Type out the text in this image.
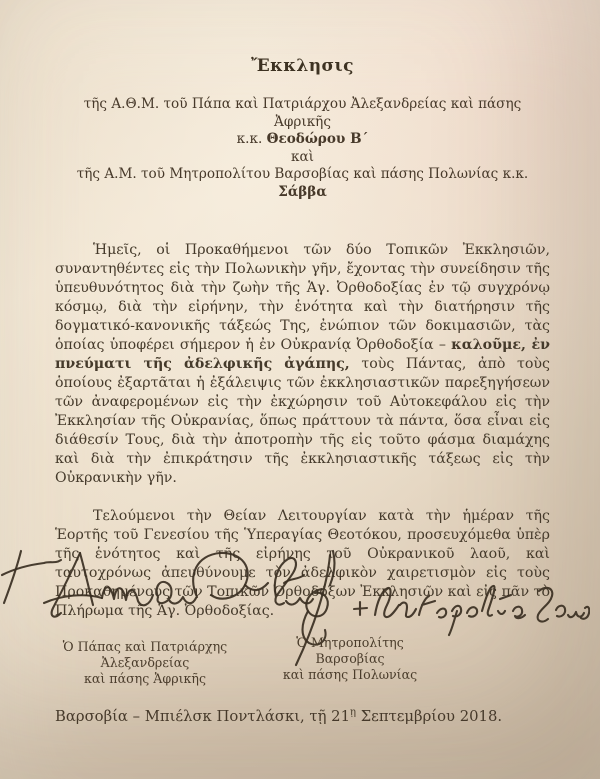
Ἔκκλησις
τῆς Α.Θ.Μ. τοῦ Πάπα καὶ Πατριάρχου Ἀλεξανδρείας καὶ πάσης Ἀφρικῆς
κ.κ. Θεοδώρου Β΄
καὶ
τῆς Α.Μ. τοῦ Μητροπολίτου Βαρσοβίας καὶ πάσης Πολωνίας κ.κ. Σάββα

Ἡμεῖς, οἱ Προκαθήμενοι τῶν δύο Τοπικῶν Ἐκκλησιῶν, συναντηθέντες εἰς τὴν Πολωνικὴν γῆν, ἔχοντας τὴν συνείδησιν τῆς ὑπευθυνότητος διὰ τὴν ζωὴν τῆς Ἁγ. Ὀρθοδοξίας ἐν τῷ συγχρόνῳ κόσμῳ, διὰ τὴν εἰρήνην, τὴν ἑνότητα καὶ τὴν διατήρησιν τῆς δογματικό-κανονικῆς τάξεώς Της, ἐνώπιον τῶν δοκιμασιῶν, τὰς ὁποίας ὑποφέρει σήμερον ἡ ἐν Οὐκρανίᾳ Ὀρθοδοξία – καλοῦμε, ἐν πνεύματι τῆς ἀδελφικῆς ἀγάπης, τοὺς Πάντας, ἀπὸ τοὺς ὁποίους ἐξαρτᾶται ἡ ἐξάλειψις τῶν ἐκκλησιαστικῶν παρεξηγήσεων τῶν ἀναφερομένων εἰς τὴν ἐκχώρησιν τοῦ Αὐτοκεφάλου εἰς τὴν Ἐκκλησίαν τῆς Οὐκρανίας, ὅπως πράττουν τὰ πάντα, ὅσα εἶναι εἰς διάθεσίν Τους, διὰ τὴν ἀποτροπὴν τῆς εἰς τοῦτο φάσμα διαμάχης καὶ διὰ τὴν ἐπικράτησιν τῆς ἐκκλησιαστικῆς τάξεως εἰς τὴν Οὐκρανικὴν γῆν.

Τελούμενοι τὴν Θείαν Λειτουργίαν κατὰ τὴν ἡμέραν τῆς Ἑορτῆς τοῦ Γενεσίου τῆς Ὑπεραγίας Θεοτόκου, προσευχόμεθα ὑπὲρ τῆς ἑνότητος καὶ τῆς εἰρήνης τοῦ Οὐκρανικοῦ λαοῦ, καὶ ταυτοχρόνως ἀπευθύνουμε τὸν ἀδελφικὸν χαιρετισμὸν εἰς τοὺς Προκαθημένους τῶν Τοπικῶν Ὀρθοδόξων Ἐκκλησιῶν καὶ εἰς πᾶν τὸ Πλήρωμα τῆς Ἁγ. Ὀρθοδοξίας.

Ὁ Πάπας καὶ Πατριάρχης Ἀλεξανδρείας
καὶ πάσης Ἀφρικῆς
Ὁ Μητροπολίτης Βαρσοβίας
καὶ πάσης Πολωνίας
Βαρσοβία – Μπιέλσκ Ποντλάσκι, τῇ $21^ῃ$ Σεπτεμβρίου 2018.
